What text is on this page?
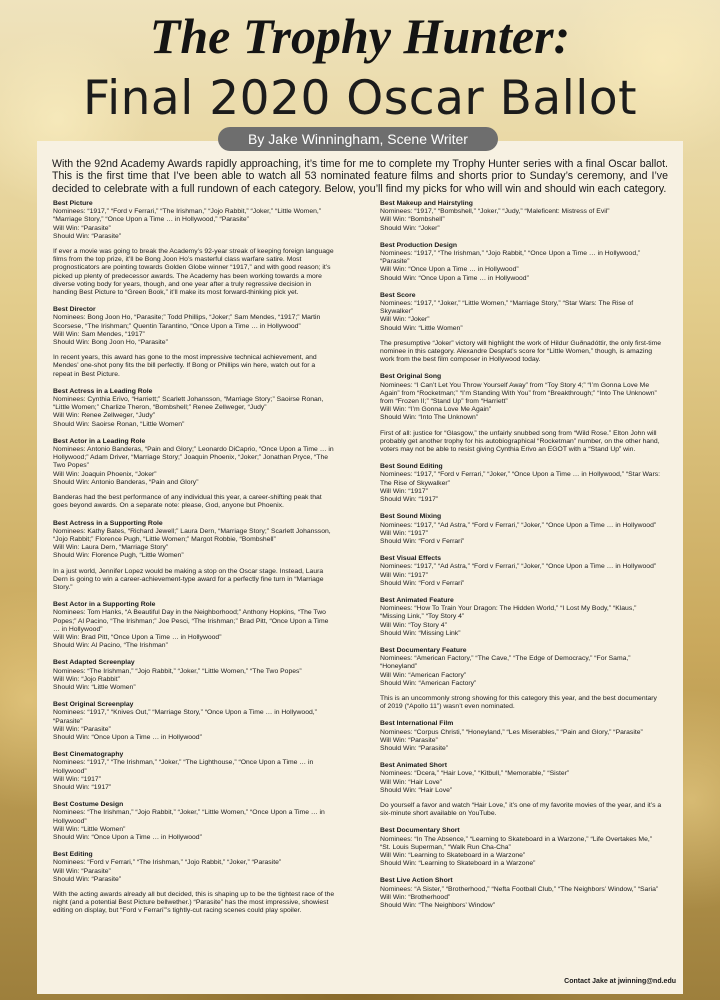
The Trophy Hunter:
Final 2020 Oscar Ballot
By Jake Winningham, Scene Writer
With the 92nd Academy Awards rapidly approaching, it’s time for me to complete my Trophy Hunter series with a final Oscar ballot. This is the first time that I’ve been able to watch all 53 nominated feature films and shorts prior to Sunday’s ceremony, and I’ve decided to celebrate with a full rundown of each category. Below, you’ll find my picks for who will win and should win each category.
Best Picture
Nominees: “1917,” “Ford v Ferrari,” “The Irishman,” “Jojo Rabbit,” “Joker,” “Little Women,” “Marriage Story,” “Once Upon a Time … in Hollywood,” “Parasite”
Will Win: “Parasite”
Should Win: “Parasite”
If ever a movie was going to break the Academy’s 92-year streak of keeping foreign language films from the top prize, it’ll be Bong Joon Ho’s masterful class warfare satire. Most prognosticators are pointing towards Golden Globe winner “1917,” and with good reason; it’s picked up plenty of predecessor awards. The Academy has been working towards a more diverse voting body for years, though, and one year after a truly regressive decision in handing Best Picture to “Green Book,” it’ll make its most forward-thinking pick yet.
Best Director
Nominees: Bong Joon Ho, “Parasite;” Todd Phillips, “Joker;” Sam Mendes, “1917;” Martin Scorsese, “The Irishman;” Quentin Tarantino, “Once Upon a Time … in Hollywood”
Will Win: Sam Mendes, “1917”
Should Win: Bong Joon Ho, “Parasite”
In recent years, this award has gone to the most impressive technical achievement, and Mendes’ one-shot pony fits the bill perfectly. If Bong or Phillips win here, watch out for a repeat in Best Picture.
Best Actress in a Leading Role
Nominees: Cynthia Erivo, “Harriett;” Scarlett Johansson, “Marriage Story;” Saoirse Ronan, “Little Women;” Charlize Theron, “Bombshell;” Renee Zellweger, “Judy”
Will Win: Renee Zellweger, “Judy”
Should Win: Saoirse Ronan, “Little Women”
Best Actor in a Leading Role
Nominees: Antonio Banderas, “Pain and Glory;” Leonardo DiCaprio, “Once Upon a Time … in Hollywood;” Adam Driver, “Marriage Story;” Joaquin Phoenix, “Joker;” Jonathan Pryce, “The Two Popes”
Will Win: Joaquin Phoenix, “Joker”
Should Win: Antonio Banderas, “Pain and Glory”
Banderas had the best performance of any individual this year, a career-shifting peak that goes beyond awards. On a separate note: please, God, anyone but Phoenix.
Best Actress in a Supporting Role
Nominees: Kathy Bates, “Richard Jewell;” Laura Dern, “Marriage Story;” Scarlett Johansson, “Jojo Rabbit;” Florence Pugh, “Little Women;” Margot Robbie, “Bombshell”
Will Win: Laura Dern, “Marriage Story”
Should Win: Florence Pugh, “Little Women”
In a just world, Jennifer Lopez would be making a stop on the Oscar stage. Instead, Laura Dern is going to win a career-achievement-type award for a perfectly fine turn in “Marriage Story.”
Best Actor in a Supporting Role
Nominees: Tom Hanks, “A Beautiful Day in the Neighborhood;” Anthony Hopkins, “The Two Popes;” Al Pacino, “The Irishman;” Joe Pesci, “The Irishman;” Brad Pitt, “Once Upon a Time … in Hollywood”
Will Win: Brad Pitt, “Once Upon a Time … in Hollywood”
Should Win: Al Pacino, “The Irishman”
Best Adapted Screenplay
Nominees: “The Irishman,” “Jojo Rabbit,” “Joker,” “Little Women,” “The Two Popes”
Will Win: “Jojo Rabbit”
Should Win: “Little Women”
Best Original Screenplay
Nominees: “1917,” “Knives Out,” “Marriage Story,” “Once Upon a Time … in Hollywood,” “Parasite”
Will Win: “Parasite”
Should Win: “Once Upon a Time … in Hollywood”
Best Cinematography
Nominees: “1917,” “The Irishman,” “Joker,” “The Lighthouse,” “Once Upon a Time … in Hollywood”
Will Win: “1917”
Should Win: “1917”
Best Costume Design
Nominees: “The Irishman,” “Jojo Rabbit,” “Joker,” “Little Women,” “Once Upon a Time … in Hollywood”
Will Win: “Little Women”
Should Win: “Once Upon a Time … in Hollywood”
Best Editing
Nominees: “Ford v Ferrari,” “The Irishman,” “Jojo Rabbit,” “Joker,” “Parasite”
Will Win: “Parasite”
Should Win: “Parasite”
With the acting awards already all but decided, this is shaping up to be the tightest race of the night (and a potential Best Picture bellwether.) “Parasite” has the most impressive, showiest editing on display, but “Ford v Ferrari”’s tightly-cut racing scenes could play spoiler.
Best Makeup and Hairstyling
Nominees: “1917,” “Bombshell,” “Joker,” “Judy,” “Maleficent: Mistress of Evil”
Will Win: “Bombshell”
Should Win: “Joker”
Best Production Design
Nominees: “1917,” “The Irishman,” “Jojo Rabbit,” “Once Upon a Time … in Hollywood,” “Parasite”
Will Win: “Once Upon a Time … in Hollywood”
Should Win: “Once Upon a Time … in Hollywood”
Best Score
Nominees: “1917,” “Joker,” “Little Women,” “Marriage Story,” “Star Wars: The Rise of Skywalker”
Will Win: “Joker”
Should Win: “Little Women”
The presumptive “Joker” victory will highlight the work of Hildur Guðnadóttir, the only first-time nominee in this category. Alexandre Desplat’s score for “Little Women,” though, is amazing work from the best film composer in Hollywood today.
Best Original Song
Nominees: “I Can’t Let You Throw Yourself Away” from “Toy Story 4;” “I’m Gonna Love Me Again” from “Rocketman;” “I’m Standing With You” from “Breakthrough;” “Into The Unknown” from “Frozen II;” “Stand Up” from “Harriett”
Will Win: “I’m Gonna Love Me Again”
Should Win: “Into The Unknown”
First of all: justice for “Glasgow,” the unfairly snubbed song from “Wild Rose.” Elton John will probably get another trophy for his autobiographical “Rocketman” number, on the other hand, voters may not be able to resist giving Cynthia Erivo an EGOT with a “Stand Up” win.
Best Sound Editing
Nominees: “1917,” “Ford v Ferrari,” “Joker,” “Once Upon a Time … in Hollywood,” “Star Wars: The Rise of Skywalker”
Will Win: “1917”
Should Win: “1917”
Best Sound Mixing
Nominees: “1917,” “Ad Astra,” “Ford v Ferrari,” “Joker,” “Once Upon a Time … in Hollywood”
Will Win: “1917”
Should Win: “Ford v Ferrari”
Best Visual Effects
Nominees: “1917,” “Ad Astra,” “Ford v Ferrari,” “Joker,” “Once Upon a Time … in Hollywood”
Will Win: “1917”
Should Win: “Ford v Ferrari”
Best Animated Feature
Nominees: “How To Train Your Dragon: The Hidden World,” “I Lost My Body,” “Klaus,” “Missing Link,” “Toy Story 4”
Will Win: “Toy Story 4”
Should Win: “Missing Link”
Best Documentary Feature
Nominees: “American Factory,” “The Cave,” “The Edge of Democracy,” “For Sama,” “Honeyland”
Will Win: “American Factory”
Should Win: “American Factory”
This is an uncommonly strong showing for this category this year, and the best documentary of 2019 (“Apollo 11”) wasn’t even nominated.
Best International Film
Nominees: “Corpus Christi,” “Honeyland,” “Les Miserables,” “Pain and Glory,” “Parasite”
Will Win: “Parasite”
Should Win: “Parasite”
Best Animated Short
Nominees: “Dcera,” “Hair Love,” “Kitbull,” “Memorable,” “Sister”
Will Win: “Hair Love”
Should Win: “Hair Love”
Do yourself a favor and watch “Hair Love,” it’s one of my favorite movies of the year, and it’s a six-minute short available on YouTube.
Best Documentary Short
Nominees: “In The Absence,” “Learning to Skateboard in a Warzone,” “Life Overtakes Me,” “St. Louis Superman,” “Walk Run Cha-Cha”
Will Win: “Learning to Skateboard in a Warzone”
Should Win: “Learning to Skateboard in a Warzone”
Best Live Action Short
Nominees: “A Sister,” “Brotherhood,” “Nefta Football Club,” “The Neighbors’ Window,” “Saria”
Will Win: “Brotherhood”
Should Win: “The Neighbors’ Window”
Contact Jake at jwinning@nd.edu
